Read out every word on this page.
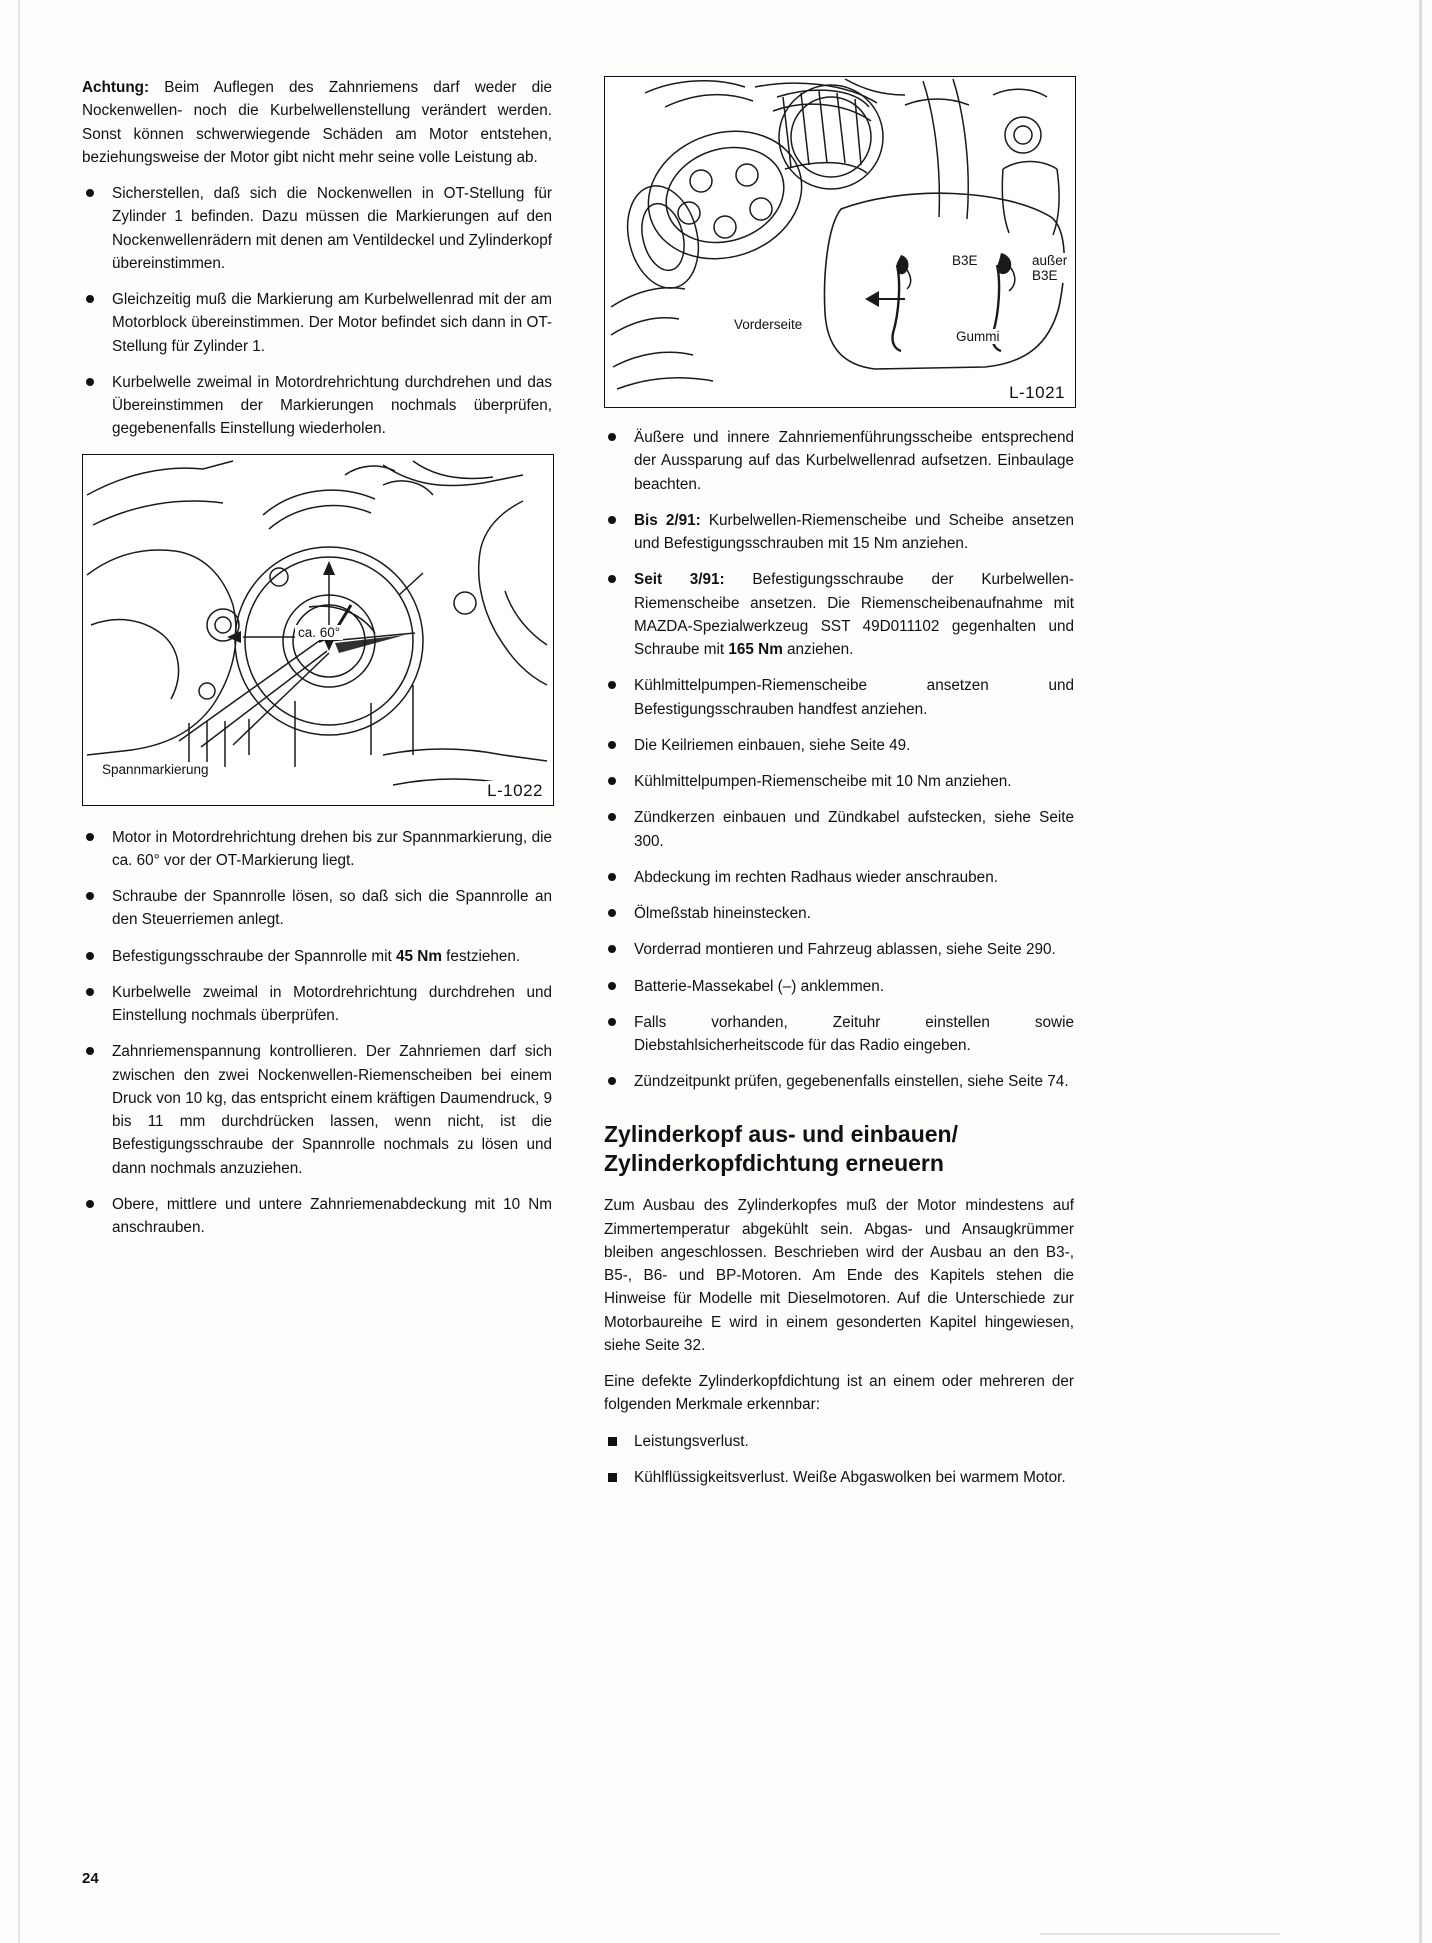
Achtung: Beim Auflegen des Zahnriemens darf weder die Nockenwellen- noch die Kurbelwellenstellung verändert werden. Sonst können schwerwiegende Schäden am Motor entstehen, beziehungsweise der Motor gibt nicht mehr seine volle Leistung ab.

Sicherstellen, daß sich die Nockenwellen in OT-Stellung für Zylinder 1 befinden. Dazu müssen die Markierungen auf den Nockenwellenrädern mit denen am Ventildeckel und Zylinderkopf übereinstimmen.
Gleichzeitig muß die Markierung am Kurbelwellenrad mit der am Motorblock übereinstimmen. Der Motor befindet sich dann in OT-Stellung für Zylinder 1.
Kurbelwelle zweimal in Motordrehrichtung durchdrehen und das Übereinstimmen der Markierungen nochmals überprüfen, gegebenenfalls Einstellung wiederholen.
ca. 60°
Spannmarkierung
L-1022
Motor in Motordrehrichtung drehen bis zur Spannmarkierung, die ca. 60° vor der OT-Markierung liegt.
Schraube der Spannrolle lösen, so daß sich die Spannrolle an den Steuerriemen anlegt.
Befestigungsschraube der Spannrolle mit 45 Nm festziehen.
Kurbelwelle zweimal in Motordrehrichtung durchdrehen und Einstellung nochmals überprüfen.
Zahnriemenspannung kontrollieren. Der Zahnriemen darf sich zwischen den zwei Nockenwellen-Riemenscheiben bei einem Druck von 10 kg, das entspricht einem kräftigen Daumendruck, 9 bis 11 mm durchdrücken lassen, wenn nicht, ist die Befestigungsschraube der Spannrolle nochmals zu lösen und dann nochmals anzuziehen.
Obere, mittlere und untere Zahnriemenabdeckung mit 10 Nm anschrauben.
B3E	außer B3E
Vorderseite
Gummi
L-1021
Äußere und innere Zahnriemenführungsscheibe entsprechend der Aussparung auf das Kurbelwellenrad aufsetzen. Einbaulage beachten.
Bis 2/91: Kurbelwellen-Riemenscheibe und Scheibe ansetzen und Befestigungsschrauben mit 15 Nm anziehen.
Seit 3/91: Befestigungsschraube der Kurbelwellen-Riemenscheibe ansetzen. Die Riemenscheibenaufnahme mit MAZDA-Spezialwerkzeug SST 49D011102 gegenhalten und Schraube mit 165 Nm anziehen.
Kühlmittelpumpen-Riemenscheibe ansetzen und Befestigungsschrauben handfest anziehen.
Die Keilriemen einbauen, siehe Seite 49.
Kühlmittelpumpen-Riemenscheibe mit 10 Nm anziehen.
Zündkerzen einbauen und Zündkabel aufstecken, siehe Seite 300.
Abdeckung im rechten Radhaus wieder anschrauben.
Ölmeßstab hineinstecken.
Vorderrad montieren und Fahrzeug ablassen, siehe Seite 290.
Batterie-Massekabel (–) anklemmen.
Falls vorhanden, Zeituhr einstellen sowie Diebstahlsicherheitscode für das Radio eingeben.
Zündzeitpunkt prüfen, gegebenenfalls einstellen, siehe Seite 74.
Zylinderkopf aus- und einbauen/ Zylinderkopfdichtung erneuern

Zum Ausbau des Zylinderkopfes muß der Motor mindestens auf Zimmertemperatur abgekühlt sein. Abgas- und Ansaugkrümmer bleiben angeschlossen. Beschrieben wird der Ausbau an den B3-, B5-, B6- und BP-Motoren. Am Ende des Kapitels stehen die Hinweise für Modelle mit Dieselmotoren. Auf die Unterschiede zur Motorbaureihe E wird in einem gesonderten Kapitel hingewiesen, siehe Seite 32.

Eine defekte Zylinderkopfdichtung ist an einem oder mehreren der folgenden Merkmale erkennbar:

Leistungsverlust.
Kühlflüssigkeitsverlust. Weiße Abgaswolken bei warmem Motor.
24
